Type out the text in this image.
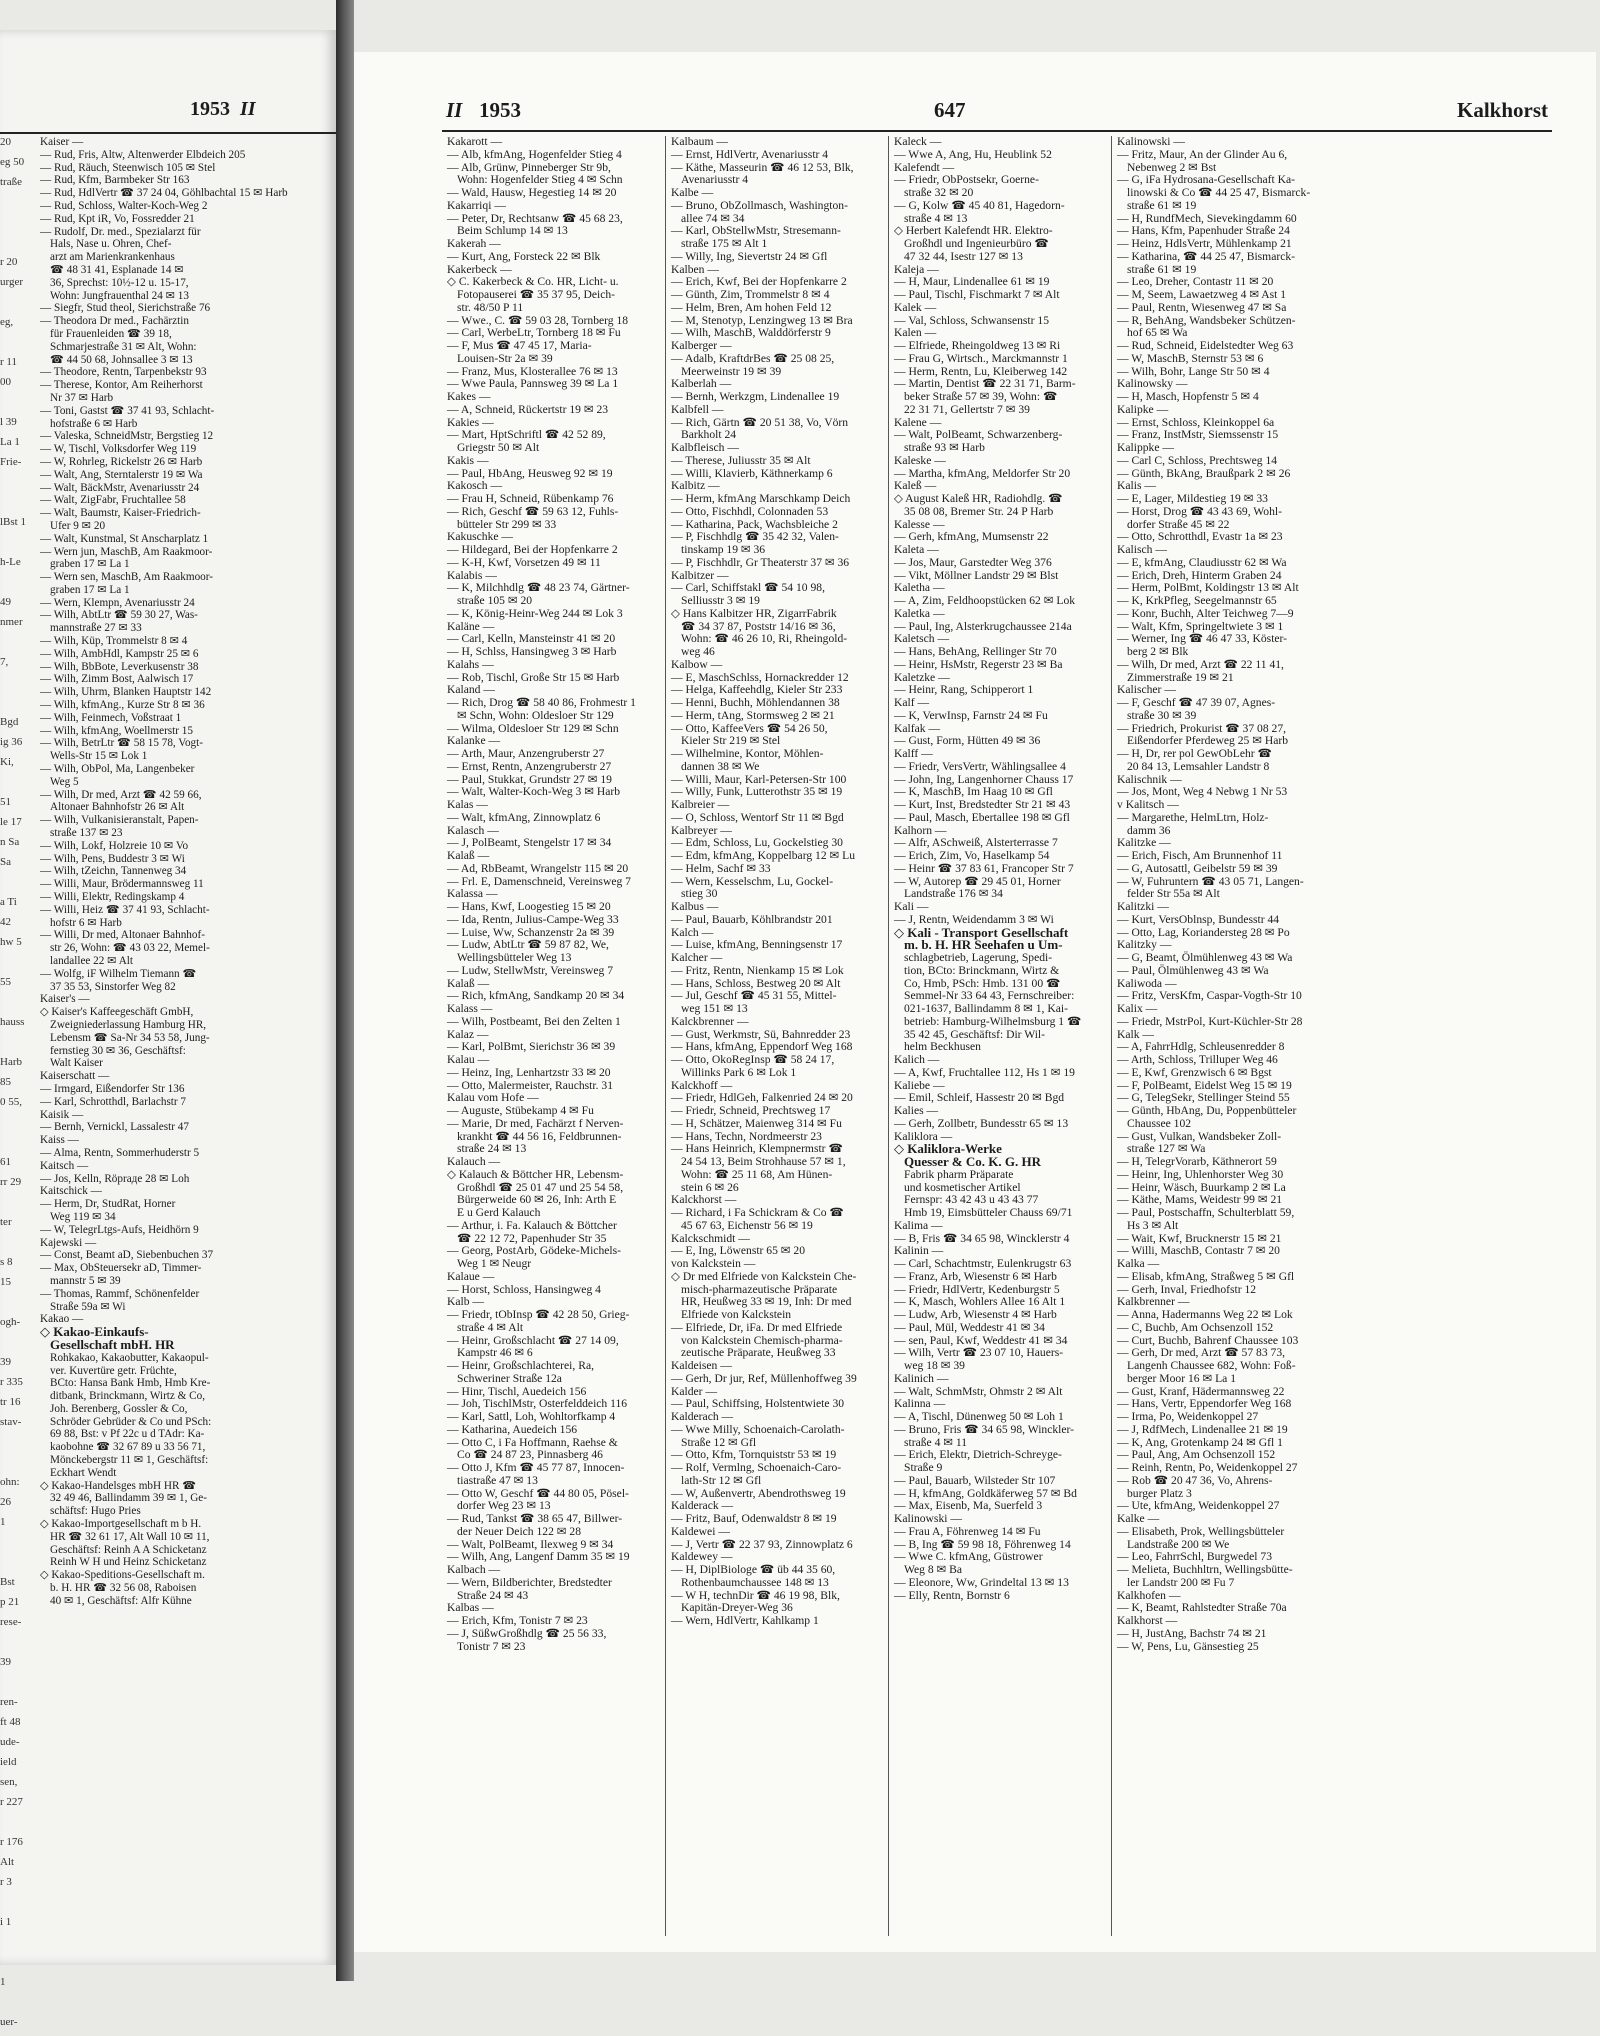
1953 II
20
eg 50
traße
r 20
urger
eg,
r 11
00
l 39
La 1
Frie-
lBst 1
h-Le
49
nmer
7,
Bgd
ig 36
Ki,
51
le 17
n Sa
Sa
a Ti
42
hw 5
55
hauss
Harb
85
0 55,
61
rr 29
ter
s 8
15
ogh-
39
r 335
tr 16
stav-
ohn:
26
1
Bst
p 21
rese-
39
ren-
ft 48
ude-
ield
sen,
r 227
r 176
Alt
r 3
i 1
1
uer-
Kaiser —
— Rud, Fris, Altw, Altenwerder Elbdeich 205
— Rud, Räuch, Steenwisch 105 ✉ Stel
— Rud, Kfm, Barmbeker Str 163
— Rud, HdlVertr ☎ 37 24 04, Göhlbachtal 15 ✉ Harb
— Rud, Schloss, Walter-Koch-Weg 2
— Rud, Kpt iR, Vo, Fossredder 21
— Rudolf, Dr. med., Spezialarzt für
Hals, Nase u. Ohren, Chef-
arzt am Marienkrankenhaus
☎ 48 31 41, Esplanade 14 ✉
36, Sprechst: 10½-12 u. 15-17,
Wohn: Jungfrauenthal 24 ✉ 13
— Siegfr, Stud theol, Sierichstraße 76
— Theodora Dr med., Fachärztin
für Frauenleiden ☎ 39 18,
Schmarjestraße 31 ✉ Alt, Wohn:
☎ 44 50 68, Johnsallee 3 ✉ 13
— Theodore, Rentn, Tarpenbekstr 93
— Therese, Kontor, Am Reiherhorst
Nr 37 ✉ Harb
— Toni, Gastst ☎ 37 41 93, Schlacht-
hofstraße 6 ✉ Harb
— Valeska, SchneidMstr, Bergstieg 12
— W, Tischl, Volksdorfer Weg 119
— W, Rohrleg, Rickelstr 26 ✉ Harb
— Walt, Ang, Sterntalerstr 19 ✉ Wa
— Walt, BäckMstr, Avenariusstr 24
— Walt, ZigFabr, Fruchtallee 58
— Walt, Baumstr, Kaiser-Friedrich-
Ufer 9 ✉ 20
— Walt, Kunstmal, St Anscharplatz 1
— Wern jun, MaschB, Am Raakmoor-
graben 17 ✉ La 1
— Wern sen, MaschB, Am Raakmoor-
graben 17 ✉ La 1
— Wern, Klempn, Avenariusstr 24
— Wilh, AbtLtr ☎ 59 30 27, Was-
mannstraße 27 ✉ 33
— Wilh, Küp, Trommelstr 8 ✉ 4
— Wilh, AmbHdl, Kampstr 25 ✉ 6
— Wilh, BbBote, Leverkusenstr 38
— Wilh, Zimm Bost, Aalwisch 17
— Wilh, Uhrm, Blanken Hauptstr 142
— Wilh, kfmAng., Kurze Str 8 ✉ 36
— Wilh, Feinmech, Voßstraat 1
— Wilh, kfmAng, Woellmerstr 15
— Wilh, BetrLtr ☎ 58 15 78, Vogt-
Wells-Str 15 ✉ Lok 1
— Wilh, ObPol, Ma, Langenbeker
Weg 5
— Wilh, Dr med, Arzt ☎ 42 59 66,
Altonaer Bahnhofstr 26 ✉ Alt
— Wilh, Vulkanisieranstalt, Papen-
straße 137 ✉ 23
— Wilh, Lokf, Holzreie 10 ✉ Vo
— Wilh, Pens, Buddestr 3 ✉ Wi
— Wilh, tZeichn, Tannenweg 34
— Willi, Maur, Brödermannsweg 11
— Willi, Elektr, Redingskamp 4
— Willi, Heiz ☎ 37 41 93, Schlacht-
hofstr 6 ✉ Harb
— Willi, Dr med, Altonaer Bahnhof-
str 26, Wohn: ☎ 43 03 22, Memel-
landallee 22 ✉ Alt
— Wolfg, iF Wilhelm Tiemann ☎
37 35 53, Sinstorfer Weg 82
Kaiser's —
◇ Kaiser's Kaffeegeschäft GmbH,
Zweigniederlassung Hamburg HR,
Lebensm ☎ Sa-Nr 34 53 58, Jung-
fernstieg 30 ✉ 36, Geschäftsf:
Walt Kaiser
Kaiserschatt —
— Irmgard, Eißendorfer Str 136
— Karl, Schrotthdl, Barlachstr 7
Kaisik —
— Bernh, Vernickl, Lassalestr 47
Kaiss —
— Alma, Rentn, Sommerhuderstr 5
Kaitsch —
— Jos, Kelln, Röpraде 28 ✉ Loh
Kaitschick —
— Herm, Dr, StudRat, Horner
Weg 119 ✉ 34
— W, TelegrLtgs-Aufs, Heidhörn 9
Kajewski —
— Const, Beamt aD, Siebenbuchen 37
— Max, ObSteuersekr aD, Timmer-
mannstr 5 ✉ 39
— Thomas, Rammf, Schönenfelder
Straße 59a ✉ Wi
Kakao —
◇ Kakao-Einkaufs-
Gesellschaft mbH. HR
Rohkakao, Kakaobutter, Kakaopul-
ver. Kuvertüre getr. Früchte,
BCto: Hansa Bank Hmb, Hmb Kre-
ditbank, Brinckmann, Wirtz & Co,
Joh. Berenberg, Gossler & Co,
Schröder Gebrüder & Co und PSch:
69 88, Bst: v Pf 22c u d TAdr: Ka-
kaobohne ☎ 32 67 89 u 33 56 71,
Mönckebergstr 11 ✉ 1, Geschäftsf:
Eckhart Wendt
◇ Kakao-Handelsges mbH HR ☎
32 49 46, Ballindamm 39 ✉ 1, Ge-
schäftsf: Hugo Pries
◇ Kakao-Importgesellschaft m b H.
HR ☎ 32 61 17, Alt Wall 10 ✉ 11,
Geschäftsf: Reinh A A Schicketanz
Reinh W H und Heinz Schicketanz
◇ Kakao-Speditions-Gesellschaft m.
b. H. HR ☎ 32 56 08, Raboisen
40 ✉ 1, Geschäftsf: Alfr Kühne
II 1953	647	Kalkhorst
Kakarott —
— Alb, kfmAng, Hogenfelder Stieg 4
— Alb, Grünw, Pinneberger Str 9b,
Wohn: Hogenfelder Stieg 4 ✉ Schn
— Wald, Hausw, Hegestieg 14 ✉ 20
Kakarriqi —
— Peter, Dr, Rechtsanw ☎ 45 68 23,
Beim Schlump 14 ✉ 13
Kakerah —
— Kurt, Ang, Forsteck 22 ✉ Blk
Kakerbeck —
◇ C. Kakerbeck & Co. HR, Licht- u.
Fotopauserei ☎ 35 37 95, Deich-
str. 48/50 P 11
— Wwe., C. ☎ 59 03 28, Tornberg 18
— Carl, WerbeLtr, Tornberg 18 ✉ Fu
— F, Mus ☎ 47 45 17, Maria-
Louisen-Str 2a ✉ 39
— Franz, Mus, Klosterallee 76 ✉ 13
— Wwe Paula, Pannsweg 39 ✉ La 1
Kakes —
— A, Schneid, Rückertstr 19 ✉ 23
Kakies —
— Mart, HptSchriftl ☎ 42 52 89,
Griegstr 50 ✉ Alt
Kakis —
— Paul, HbAng, Heusweg 92 ✉ 19
Kakosch —
— Frau H, Schneid, Rübenkamp 76
— Rich, Geschf ☎ 59 63 12, Fuhls-
bütteler Str 299 ✉ 33
Kakuschke —
— Hildegard, Bei der Hopfenkarre 2
— K-H, Kwf, Vorsetzen 49 ✉ 11
Kalabis —
— K, Milchhdlg ☎ 48 23 74, Gärtner-
straße 105 ✉ 20
— K, König-Heinr-Weg 244 ✉ Lok 3
Kaläne —
— Carl, Kelln, Mansteinstr 41 ✉ 20
— H, Schlss, Hansingweg 3 ✉ Harb
Kalahs —
— Rob, Tischl, Große Str 15 ✉ Harb
Kaland —
— Rich, Drog ☎ 58 40 86, Frohmestr 1
✉ Schn, Wohn: Oldesloer Str 129
— Wilma, Oldesloer Str 129 ✉ Schn
Kalanke —
— Arth, Maur, Anzengruberstr 27
— Ernst, Rentn, Anzengruberstr 27
— Paul, Stukkat, Grundstr 27 ✉ 19
— Walt, Walter-Koch-Weg 3 ✉ Harb
Kalas —
— Walt, kfmAng, Zinnowplatz 6
Kalasch —
— J, PolBeamt, Stengelstr 17 ✉ 34
Kalaß —
— Ad, RbBeamt, Wrangelstr 115 ✉ 20
— Frl. E, Damenschneid, Vereinsweg 7
Kalassa —
— Hans, Kwf, Loogestieg 15 ✉ 20
— Ida, Rentn, Julius-Campe-Weg 33
— Luise, Ww, Schanzenstr 2a ✉ 39
— Ludw, AbtLtr ☎ 59 87 82, We,
Wellingsbütteler Weg 13
— Ludw, StellwMstr, Vereinsweg 7
Kalaß —
— Rich, kfmAng, Sandkamp 20 ✉ 34
Kalass —
— Wilh, Postbeamt, Bei den Zelten 1
Kalaz —
— Karl, PolBmt, Sierichstr 36 ✉ 39
Kalau —
— Heinz, Ing, Lenhartzstr 33 ✉ 20
— Otto, Malermeister, Rauchstr. 31
Kalau vom Hofe —
— Auguste, Stübekamp 4 ✉ Fu
— Marie, Dr med, Fachärzt f Nerven-
krankht ☎ 44 56 16, Feldbrunnen-
straße 24 ✉ 13
Kalauch —
◇ Kalauch & Böttcher HR, Lebensm-
Großhdl ☎ 25 01 47 und 25 54 58,
Bürgerweide 60 ✉ 26, Inh: Arth E
E u Gerd Kalauch
— Arthur, i. Fa. Kalauch & Böttcher
☎ 22 12 72, Papenhuder Str 35
— Georg, PostArb, Gödeke-Michels-
Weg 1 ✉ Neugr
Kalaue —
— Horst, Schloss, Hansingweg 4
Kalb —
— Friedr, tObInsp ☎ 42 28 50, Grieg-
straße 4 ✉ Alt
— Heinr, Großschlacht ☎ 27 14 09,
Kampstr 46 ✉ 6
— Heinr, Großschlachterei, Ra,
Schweriner Straße 12a
— Hinr, Tischl, Auedeich 156
— Joh, TischlMstr, Osterfelddeich 116
— Karl, Sattl, Loh, Wohltorfkamp 4
— Katharina, Auedeich 156
— Otto C, i Fa Hoffmann, Raehse &
Co ☎ 24 87 23, Pinnasberg 46
— Otto J, Kfm ☎ 45 77 87, Innocen-
tiastraße 47 ✉ 13
— Otto W, Geschf ☎ 44 80 05, Pösel-
dorfer Weg 23 ✉ 13
— Rud, Tankst ☎ 38 65 47, Billwer-
der Neuer Deich 122 ✉ 28
— Walt, PolBeamt, Ilexweg 9 ✉ 34
— Wilh, Ang, Langenf Damm 35 ✉ 19
Kalbach —
— Wern, Bildberichter, Bredstedter
Straße 24 ✉ 43
Kalbas —
— Erich, Kfm, Tonistr 7 ✉ 23
— J, SüßwGroßhdlg ☎ 25 56 33,
Tonistr 7 ✉ 23
Kalbaum —
— Ernst, HdlVertr, Avenariusstr 4
— Käthe, Masseurin ☎ 46 12 53, Blk,
Avenariusstr 4
Kalbe —
— Bruno, ObZollmasch, Washington-
allee 74 ✉ 34
— Karl, ObStellwMstr, Stresemann-
straße 175 ✉ Alt 1
— Willy, Ing, Sievertstr 24 ✉ Gfl
Kalben —
— Erich, Kwf, Bei der Hopfenkarre 2
— Günth, Zim, Trommelstr 8 ✉ 4
— Helm, Bren, Am hohen Feld 12
— M, Stenotyp, Lenzingweg 13 ✉ Bra
— Wilh, MaschB, Walddörferstr 9
Kalberger —
— Adalb, KraftdrBes ☎ 25 08 25,
Meerweinstr 19 ✉ 39
Kalberlah —
— Bernh, Werkzgm, Lindenallee 19
Kalbfell —
— Rich, Gärtn ☎ 20 51 38, Vo, Vörn
Barkholt 24
Kalbfleisch —
— Therese, Juliusstr 35 ✉ Alt
— Willi, Klavierb, Käthnerkamp 6
Kalbitz —
— Herm, kfmAng Marschkamp Deich
— Otto, Fischhdl, Colonnaden 53
— Katharina, Pack, Wachsbleiche 2
— P, Fischhdlg ☎ 35 42 32, Valen-
tinskamp 19 ✉ 36
— P, Fischhdlr, Gr Theaterstr 37 ✉ 36
Kalbitzer —
— Carl, Schiffstakl ☎ 54 10 98,
Selliusstr 3 ✉ 19
◇ Hans Kalbitzer HR, ZigarrFabrik
☎ 34 37 87, Poststr 14/16 ✉ 36,
Wohn: ☎ 46 26 10, Ri, Rheingold-
weg 46
Kalbow —
— E, MaschSchlss, Hornackredder 12
— Helga, Kaffeehdlg, Kieler Str 233
— Henni, Buchh, Möhlendannen 38
— Herm, tAng, Stormsweg 2 ✉ 21
— Otto, KaffeeVers ☎ 54 26 50,
Kieler Str 219 ✉ Stel
— Wilhelmine, Kontor, Möhlen-
dannen 38 ✉ We
— Willi, Maur, Karl-Petersen-Str 100
— Willy, Funk, Lutterothstr 35 ✉ 19
Kalbreier —
— O, Schloss, Wentorf Str 11 ✉ Bgd
Kalbreyer —
— Edm, Schloss, Lu, Gockelstieg 30
— Edm, kfmAng, Koppelbarg 12 ✉ Lu
— Helm, Sachf ✉ 33
— Wern, Kesselschm, Lu, Gockel-
stieg 30
Kalbus —
— Paul, Bauarb, Köhlbrandstr 201
Kalch —
— Luise, kfmAng, Benningsenstr 17
Kalcher —
— Fritz, Rentn, Nienkamp 15 ✉ Lok
— Hans, Schloss, Bestweg 20 ✉ Alt
— Jul, Geschf ☎ 45 31 55, Mittel-
weg 151 ✉ 13
Kalckbrenner —
— Gust, Werkmstr, Sü, Bahnredder 23
— Hans, kfmAng, Eppendorf Weg 168
— Otto, OkoRegInsp ☎ 58 24 17,
Willinks Park 6 ✉ Lok 1
Kalckhoff —
— Friedr, HdlGeh, Falkenried 24 ✉ 20
— Friedr, Schneid, Prechtsweg 17
— H, Schätzer, Maienweg 314 ✉ Fu
— Hans, Techn, Nordmeerstr 23
— Hans Heinrich, Klempnermstr ☎
24 54 13, Beim Strohhause 57 ✉ 1,
Wohn: ☎ 25 11 68, Am Hünen-
stein 6 ✉ 26
Kalckhorst —
— Richard, i Fa Schickram & Co ☎
45 67 63, Eichenstr 56 ✉ 19
Kalckschmidt —
— E, Ing, Löwenstr 65 ✉ 20
von Kalckstein —
◇ Dr med Elfriede von Kalckstein Che-
misch-pharmazeutische Präparate
HR, Heußweg 33 ✉ 19, Inh: Dr med
Elfriede von Kalckstein
— Elfriede, Dr, iFa. Dr med Elfriede
von Kalckstein Chemisch-pharma-
zeutische Präparate, Heußweg 33
Kaldeisen —
— Gerh, Dr jur, Ref, Müllenhoffweg 39
Kalder —
— Paul, Schiffsing, Holstentwiete 30
Kalderach —
— Wwe Milly, Schoenaich-Carolath-
Straße 12 ✉ Gfl
— Otto, Kfm, Tornquiststr 53 ✉ 19
— Rolf, Vermlng, Schoenaich-Caro-
lath-Str 12 ✉ Gfl
— W, Außenvertr, Abendrothsweg 19
Kalderack —
— Fritz, Bauf, Odenwaldstr 8 ✉ 19
Kaldewei —
— J, Vertr ☎ 22 37 93, Zinnowplatz 6
Kaldewey —
— H, DiplBiologe ☎ üb 44 35 60,
Rothenbaumchaussee 148 ✉ 13
— W H, technDir ☎ 46 19 98, Blk,
Kapitän-Dreyer-Weg 36
— Wern, HdlVertr, Kahlkamp 1
Kaleck —
— Wwe A, Ang, Hu, Heublink 52
Kalefendt —
— Friedr, ObPostsekr, Goerne-
straße 32 ✉ 20
— G, Kolw ☎ 45 40 81, Hagedorn-
straße 4 ✉ 13
◇ Herbert Kalefendt HR. Elektro-
Großhdl und Ingenieurbüro ☎
47 32 44, Isestr 127 ✉ 13
Kaleja —
— H, Maur, Lindenallee 61 ✉ 19
— Paul, Tischl, Fischmarkt 7 ✉ Alt
Kalek —
— Val, Schloss, Schwansenstr 15
Kalen —
— Elfriede, Rheingoldweg 13 ✉ Ri
— Frau G, Wirtsch., Marckmannstr 1
— Herm, Rentn, Lu, Kleiberweg 142
— Martin, Dentist ☎ 22 31 71, Barm-
beker Straße 57 ✉ 39, Wohn: ☎
22 31 71, Gellertstr 7 ✉ 39
Kalene —
— Walt, PolBeamt, Schwarzenberg-
straße 93 ✉ Harb
Kaleske —
— Martha, kfmAng, Meldorfer Str 20
Kaleß —
◇ August Kaleß HR, Radiohdlg. ☎
35 08 08, Bremer Str. 24 P Harb
Kalesse —
— Gerh, kfmAng, Mumsenstr 22
Kaleta —
— Jos, Maur, Garstedter Weg 376
— Vikt, Möllner Landstr 29 ✉ Blst
Kaletha —
— A, Zim, Feldhoopstücken 62 ✉ Lok
Kaletka —
— Paul, Ing, Alsterkrugchaussee 214a
Kaletsch —
— Hans, BehAng, Rellinger Str 70
— Heinr, HsMstr, Regerstr 23 ✉ Ba
Kaletzke —
— Heinr, Rang, Schipperort 1
Kalf —
— K, VerwInsp, Farnstr 24 ✉ Fu
Kalfak —
— Gust, Form, Hütten 49 ✉ 36
Kalff —
— Friedr, VersVertr, Wählingsallee 4
— John, Ing, Langenhorner Chauss 17
— K, MaschB, Im Haag 10 ✉ Gfl
— Kurt, Inst, Bredstedter Str 21 ✉ 43
— Paul, Masch, Ebertallee 198 ✉ Gfl
Kalhorn —
— Alfr, ASchweiß, Alsterterrasse 7
— Erich, Zim, Vo, Haselkamp 54
— Heinr ☎ 37 83 61, Francoper Str 7
— W, Autorep ☎ 29 45 01, Horner
Landstraße 176 ✉ 34
Kali —
— J, Rentn, Weidendamm 3 ✉ Wi
◇ Kali - Transport Gesellschaft
m. b. H. HR Seehafen u Um-
schlagbetrieb, Lagerung, Spedi-
tion, BCto: Brinckmann, Wirtz &
Co, Hmb, PSch: Hmb. 131 00 ☎
Semmel-Nr 33 64 43, Fernschreiber:
021-1637, Ballindamm 8 ✉ 1, Kai-
betrieb: Hamburg-Wilhelmsburg 1 ☎
35 42 45, Geschäftsf: Dir Wil-
helm Beckhusen
Kalich —
— A, Kwf, Fruchtallee 112, Hs 1 ✉ 19
Kaliebe —
— Emil, Schleif, Hassestr 20 ✉ Bgd
Kalies —
— Gerh, Zollbetr, Bundesstr 65 ✉ 13
Kaliklora —
◇ Kaliklora-Werke
Quesser & Co. K. G. HR
Fabrik pharm Präparate
und kosmetischer Artikel
Fernspr: 43 42 43 u 43 43 77
Hmb 19, Eimsbütteler Chauss 69/71
Kalima —
— B, Fris ☎ 34 65 98, Wincklerstr 4
Kalinin —
— Carl, Schachtmstr, Eulenkrugstr 63
— Franz, Arb, Wiesenstr 6 ✉ Harb
— Friedr, HdlVertr, Kedenburgstr 5
— K, Masch, Wohlers Allee 16 Alt 1
— Ludw, Arb, Wiesenstr 4 ✉ Harb
— Paul, Mül, Weddestr 41 ✉ 34
— sen, Paul, Kwf, Weddestr 41 ✉ 34
— Wilh, Vertr ☎ 23 07 10, Hauers-
weg 18 ✉ 39
Kalinich —
— Walt, SchmMstr, Ohmstr 2 ✉ Alt
Kalinna —
— A, Tischl, Dünenweg 50 ✉ Loh 1
— Bruno, Fris ☎ 34 65 98, Winckler-
straße 4 ✉ 11
— Erich, Elektr, Dietrich-Schreyge-
Straße 9
— Paul, Bauarb, Wilsteder Str 107
— H, kfmAng, Goldkäferweg 57 ✉ Bd
— Max, Eisenb, Ma, Suerfeld 3
Kalinowski —
— Frau A, Föhrenweg 14 ✉ Fu
— B, Ing ☎ 59 98 18, Föhrenweg 14
— Wwe C. kfmAng, Güstrower
Weg 8 ✉ Ba
— Eleonore, Ww, Grindeltal 13 ✉ 13
— Elly, Rentn, Bornstr 6
Kalinowski —
— Fritz, Maur, An der Glinder Au 6,
Nebenweg 2 ✉ Bst
— G, iFa Hydrosana-Gesellschaft Ka-
linowski & Co ☎ 44 25 47, Bismarck-
straße 61 ✉ 19
— H, RundfMech, Sievekingdamm 60
— Hans, Kfm, Papenhuder Straße 24
— Heinz, HdlsVertr, Mühlenkamp 21
— Katharina, ☎ 44 25 47, Bismarck-
straße 61 ✉ 19
— Leo, Dreher, Contastr 11 ✉ 20
— M, Seem, Lawaetzweg 4 ✉ Ast 1
— Paul, Rentn, Wiesenweg 47 ✉ Sa
— R, BehAng, Wandsbeker Schützen-
hof 65 ✉ Wa
— Rud, Schneid, Eidelstedter Weg 63
— W, MaschB, Sternstr 53 ✉ 6
— Wilh, Bohr, Lange Str 50 ✉ 4
Kalinowsky —
— H, Masch, Hopfenstr 5 ✉ 4
Kalipke —
— Ernst, Schloss, Kleinkoppel 6a
— Franz, InstMstr, Siemssenstr 15
Kalippke —
— Carl C, Schloss, Prechtsweg 14
— Günth, BkAng, Braußpark 2 ✉ 26
Kalis —
— E, Lager, Mildestieg 19 ✉ 33
— Horst, Drog ☎ 43 43 69, Wohl-
dorfer Straße 45 ✉ 22
— Otto, Schrotthdl, Evastr 1a ✉ 23
Kalisch —
— E, kfmAng, Claudiusstr 62 ✉ Wa
— Erich, Dreh, Hinterm Graben 24
— Herm, PolBmt, Koldingstr 13 ✉ Alt
— K, KrkPfleg, Seegelmannstr 65
— Konr, Buchh, Alter Teichweg 7—9
— Walt, Kfm, Springeltwiete 3 ✉ 1
— Werner, Ing ☎ 46 47 33, Köster-
berg 2 ✉ Blk
— Wilh, Dr med, Arzt ☎ 22 11 41,
Zimmerstraße 19 ✉ 21
Kalischer —
— F, Geschf ☎ 47 39 07, Agnes-
straße 30 ✉ 39
— Friedrich, Prokurist ☎ 37 08 27,
Eißendorfer Pferdeweg 25 ✉ Harb
— H, Dr, rer pol GewObLehr ☎
20 84 13, Lemsahler Landstr 8
Kalischnik —
— Jos, Mont, Weg 4 Nebwg 1 Nr 53
v Kalitsch —
— Margarethe, HelmLtrn, Holz-
damm 36
Kalitzke —
— Erich, Fisch, Am Brunnenhof 11
— G, Autosattl, Geibelstr 59 ✉ 39
— W, Fuhruntern ☎ 43 05 71, Langen-
felder Str 55a ✉ Alt
Kalitzki —
— Kurt, VersOblnsp, Bundesstr 44
— Otto, Lag, Koriandersteg 28 ✉ Po
Kalitzky —
— G, Beamt, Ölmühlenweg 43 ✉ Wa
— Paul, Ölmühlenweg 43 ✉ Wa
Kaliwoda —
— Fritz, VersKfm, Caspar-Vogth-Str 10
Kalix —
— Friedr, MstrPol, Kurt-Küchler-Str 28
Kalk —
— A, FahrrHdlg, Schleusenredder 8
— Arth, Schloss, Trilluper Weg 46
— E, Kwf, Grenzwisch 6 ✉ Bgst
— F, PolBeamt, Eidelst Weg 15 ✉ 19
— G, TelegSekr, Stellinger Steind 55
— Günth, HbAng, Du, Poppenbütteler
Chaussee 102
— Gust, Vulkan, Wandsbeker Zoll-
straße 127 ✉ Wa
— H, TelegrVorarb, Käthnerort 59
— Heinr, Ing, Uhlenhorster Weg 30
— Heinr, Wäsch, Buurkamp 2 ✉ La
— Käthe, Mams, Weidestr 99 ✉ 21
— Paul, Postschaffn, Schulterblatt 59,
Hs 3 ✉ Alt
— Wait, Kwf, Brucknerstr 15 ✉ 21
— Willi, MaschB, Contastr 7 ✉ 20
Kalka —
— Elisab, kfmAng, Straßweg 5 ✉ Gfl
— Gerh, Inval, Friedhofstr 12
Kalkbrenner —
— Anna, Hadermanns Weg 22 ✉ Lok
— C, Buchb, Am Ochsenzoll 152
— Curt, Buchb, Bahrenf Chaussee 103
— Gerh, Dr med, Arzt ☎ 57 83 73,
Langenh Chaussee 682, Wohn: Foß-
berger Moor 16 ✉ La 1
— Gust, Kranf, Hädermannsweg 22
— Hans, Vertr, Eppendorfer Weg 168
— Irma, Po, Weidenkoppel 27
— J, RdfMech, Lindenallee 21 ✉ 19
— K, Ang, Grotenkamp 24 ✉ Gfl 1
— Paul, Ang, Am Ochsenzoll 152
— Reinh, Rentn, Po, Weidenkoppel 27
— Rob ☎ 20 47 36, Vo, Ahrens-
burger Platz 3
— Ute, kfmAng, Weidenkoppel 27
Kalke —
— Elisabeth, Prok, Wellingsbütteler
Landstraße 200 ✉ We
— Leo, FahrrSchl, Burgwedel 73
— Melieta, Buchhltrn, Wellingsbütte-
ler Landstr 200 ✉ Fu 7
Kalkhofen —
— K, Beamt, Rahlstedter Straße 70a
Kalkhorst —
— H, JustAng, Bachstr 74 ✉ 21
— W, Pens, Lu, Gänsestieg 25
